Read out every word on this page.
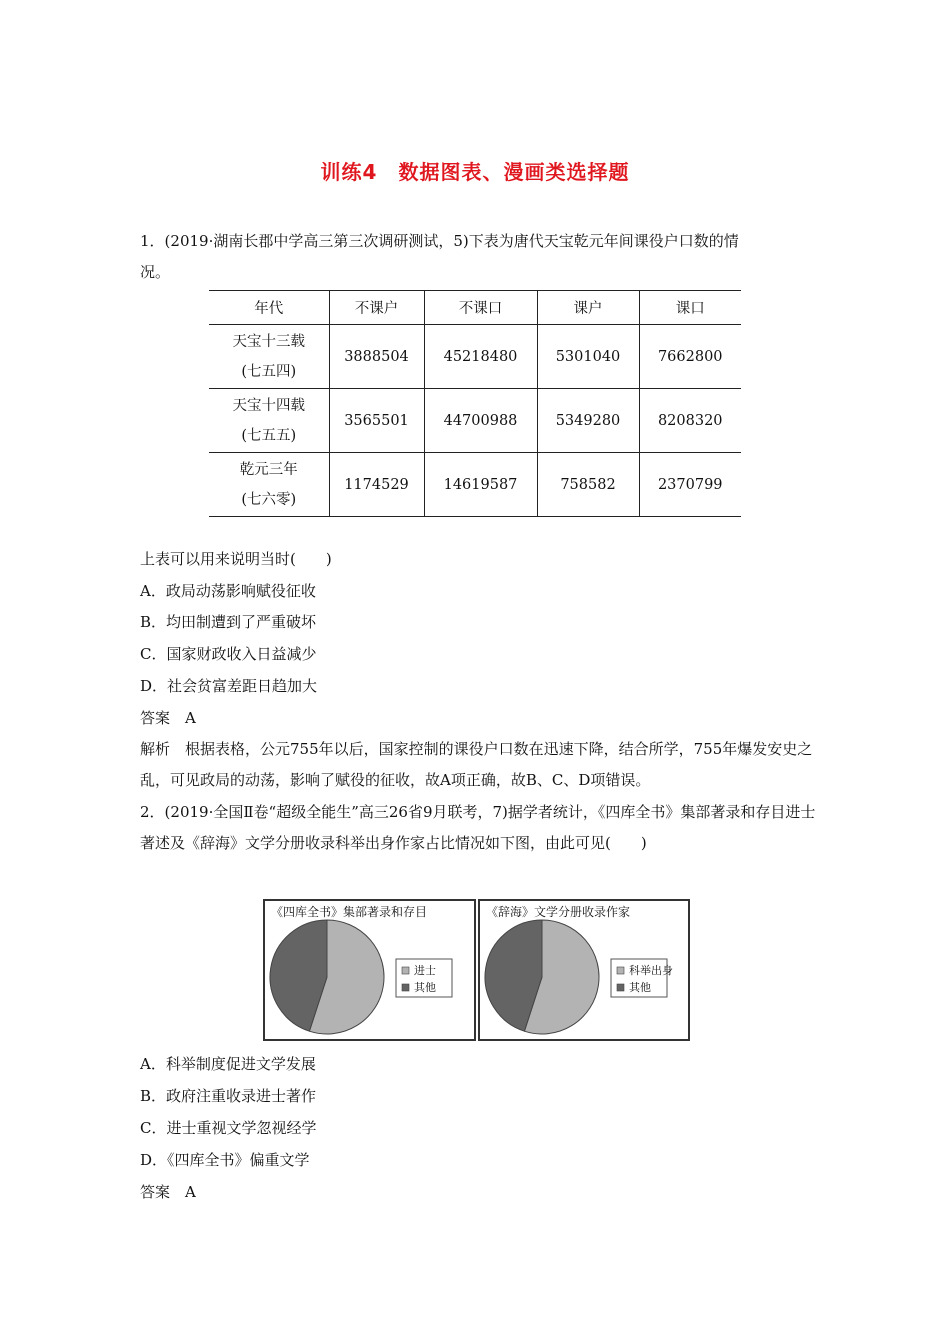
训练4　数据图表、漫画类选择题
1．(2019·湖南长郡中学高三第三次调研测试，5)下表为唐代天宝乾元年间课役户口数的情
况。
年代	不课户	不课口	课户	课口

天宝十三载
(七五四)	3888504	45218480	5301040	7662800

天宝十四载
(七五五)	3565501	44700988	5349280	8208320

乾元三年
(七六零)	1174529	14619587	758582	2370799
上表可以用来说明当时(　　)
A．政局动荡影响赋役征收
B．均田制遭到了严重破坏
C．国家财政收入日益减少
D．社会贫富差距日趋加大
答案　A
解析　根据表格，公元755年以后，国家控制的课役户口数在迅速下降，结合所学，755年爆发安史之乱，可见政局的动荡，影响了赋役的征收，故A项正确，故B、C、D项错误。
2．(2019·全国Ⅱ卷“超级全能生”高三26省9月联考，7)据学者统计，《四库全书》集部著录和存目进士著述及《辞海》文学分册收录科举出身作家占比情况如下图，由此可见(　　)
《四库全书》集部著录和存目
进士
其他
《辞海》文学分册收录作家
科举出身
其他
A．科举制度促进文学发展
B．政府注重收录进士著作
C．进士重视文学忽视经学
D．《四库全书》偏重文学
答案　A
